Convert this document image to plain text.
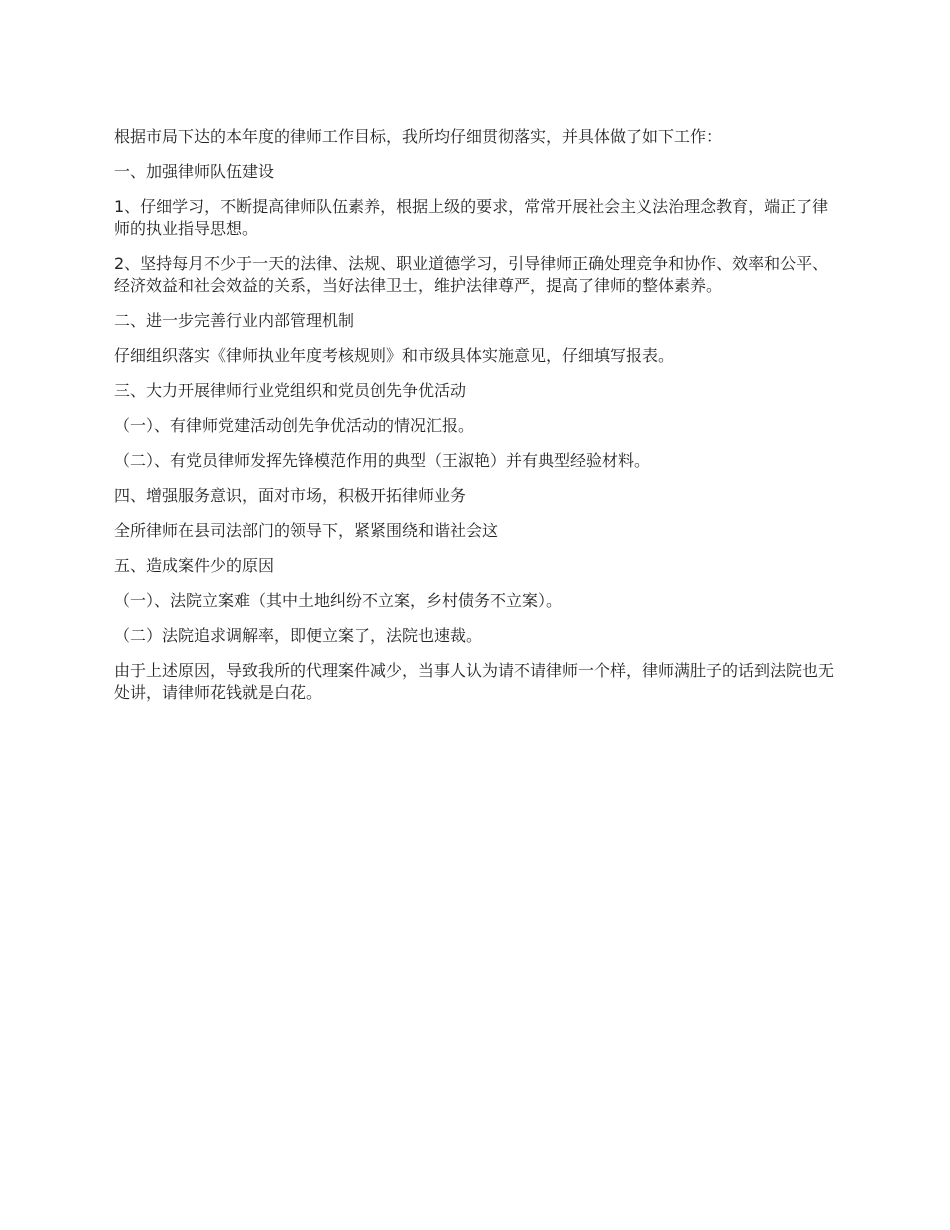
根据市局下达的本年度的律师工作目标，我所均仔细贯彻落实，并具体做了如下工作：

一、加强律师队伍建设

1、仔细学习，不断提高律师队伍素养，根据上级的要求，常常开展社会主义法治理念教育，端正了律师的执业指导思想。

2、坚持每月不少于一天的法律、法规、职业道德学习，引导律师正确处理竞争和协作、效率和公平、经济效益和社会效益的关系，当好法律卫士，维护法律尊严，提高了律师的整体素养。

二、进一步完善行业内部管理机制

仔细组织落实《律师执业年度考核规则》和市级具体实施意见，仔细填写报表。

三、大力开展律师行业党组织和党员创先争优活动

（一）、有律师党建活动创先争优活动的情况汇报。

（二）、有党员律师发挥先锋模范作用的典型（王淑艳）并有典型经验材料。

四、增强服务意识，面对市场，积极开拓律师业务

全所律师在县司法部门的领导下，紧紧围绕和谐社会这

五、造成案件少的原因

（一）、法院立案难（其中土地纠纷不立案，乡村债务不立案）。

（二）法院追求调解率，即便立案了，法院也速裁。

由于上述原因，导致我所的代理案件减少，当事人认为请不请律师一个样，律师满肚子的话到法院也无处讲，请律师花钱就是白花。
